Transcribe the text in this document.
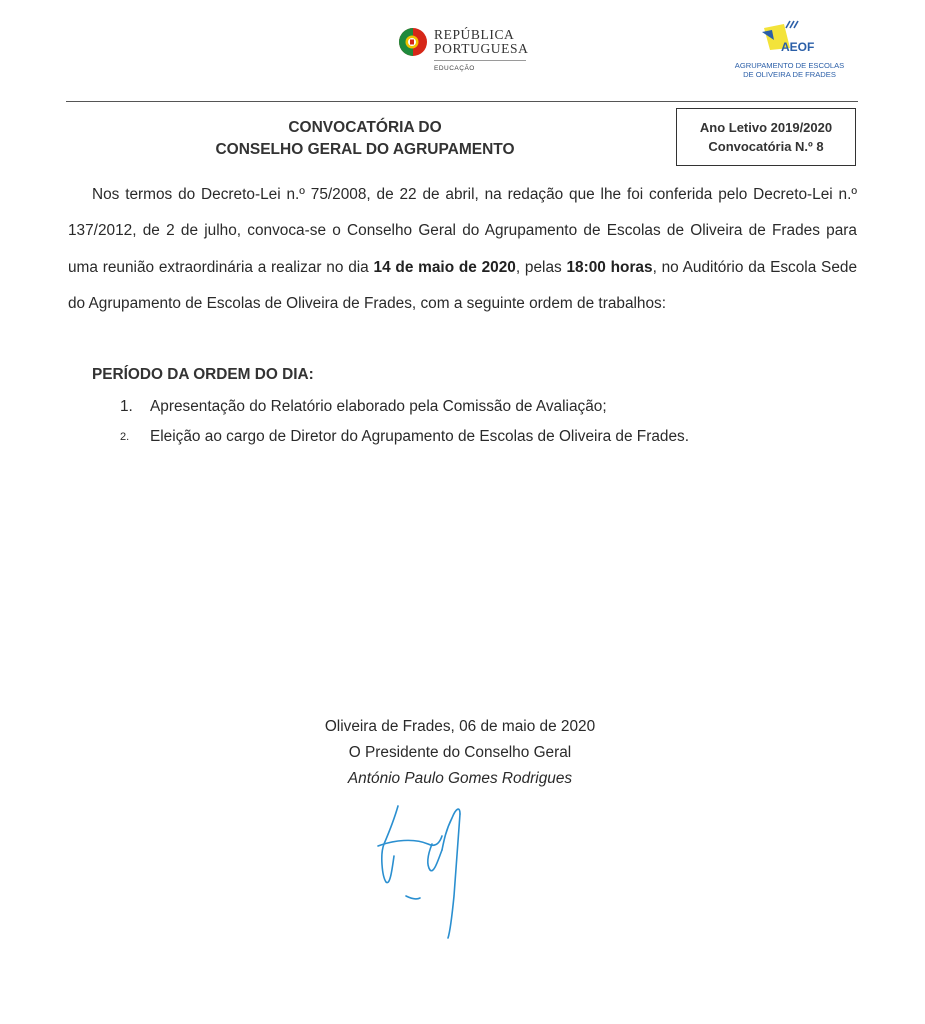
REPÚBLICA
PORTUGUESA
EDUCAÇÃO
AEOF
AGRUPAMENTO DE ESCOLAS
DE OLIVEIRA DE FRADES
CONVOCATÓRIA DO
CONSELHO GERAL DO AGRUPAMENTO
Ano Letivo 2019/2020
Convocatória N.º 8
Nos termos do Decreto-Lei n.º 75/2008, de 22 de abril, na redação que lhe foi conferida pelo Decreto-Lei n.º 137/2012, de 2 de julho, convoca-se o Conselho Geral do Agrupamento de Escolas de Oliveira de Frades para uma reunião extraordinária a realizar no dia 14 de maio de 2020, pelas 18:00 horas, no Auditório da Escola Sede do Agrupamento de Escolas de Oliveira de Frades, com a seguinte ordem de trabalhos:
PERÍODO DA ORDEM DO DIA:
1.	Apresentação do Relatório elaborado pela Comissão de Avaliação;
2.	Eleição ao cargo de Diretor do Agrupamento de Escolas de Oliveira de Frades.
Oliveira de Frades, 06 de maio de 2020
O Presidente do Conselho Geral
António Paulo Gomes Rodrigues
